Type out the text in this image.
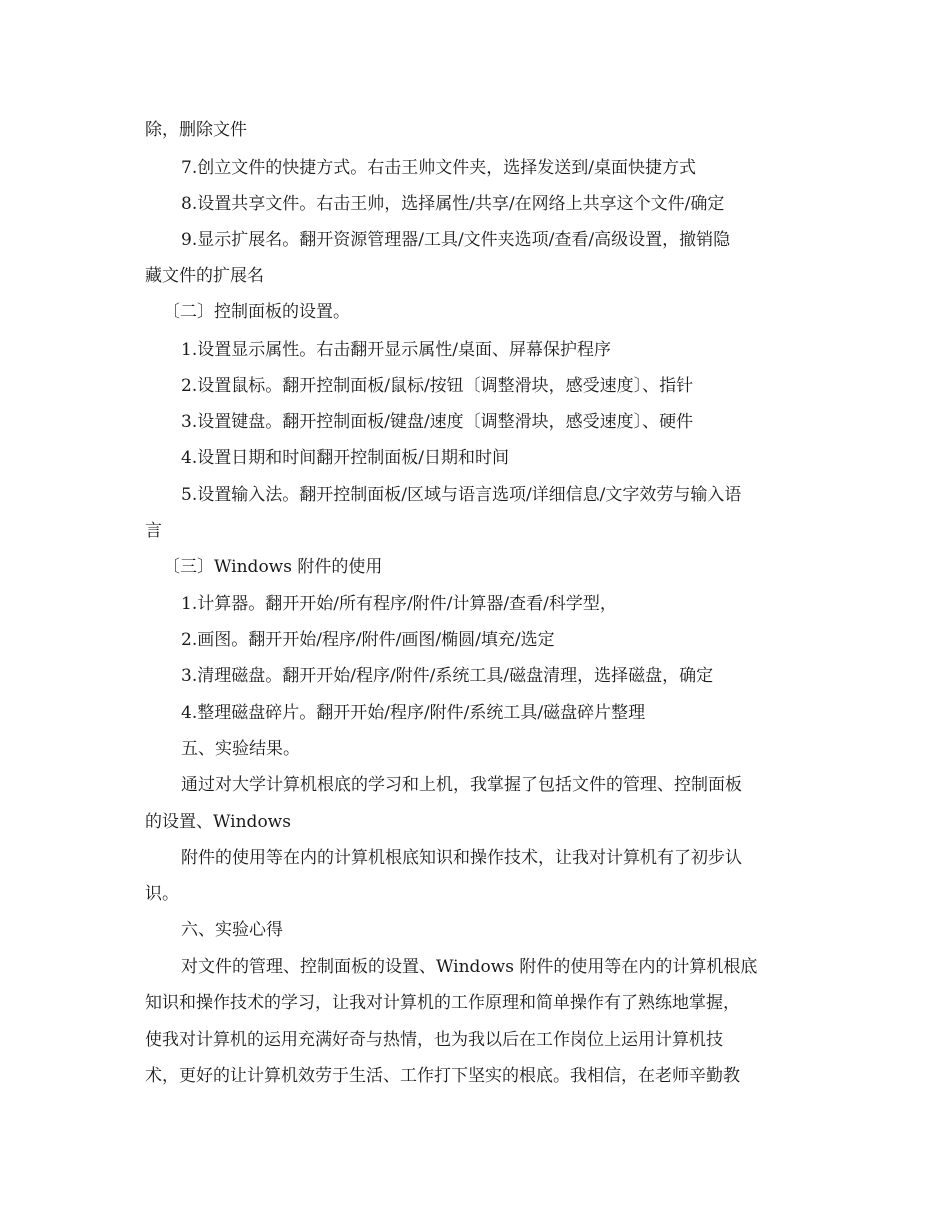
除，删除文件
7.创立文件的快捷方式。右击王帅文件夹，选择发送到/桌面快捷方式
8.设置共享文件。右击王帅，选择属性/共享/在网络上共享这个文件/确定
9.显示扩展名。翻开资源管理器/工具/文件夹选项/查看/高级设置，撤销隐
藏文件的扩展名
〔二〕控制面板的设置。
1.设置显示属性。右击翻开显示属性/桌面、屏幕保护程序
2.设置鼠标。翻开控制面板/鼠标/按钮〔调整滑块，感受速度〕、指针
3.设置键盘。翻开控制面板/键盘/速度〔调整滑块，感受速度〕、硬件
4.设置日期和时间翻开控制面板/日期和时间
5.设置输入法。翻开控制面板/区域与语言选项/详细信息/文字效劳与输入语
言
〔三〕Windows 附件的使用
1.计算器。翻开开始/所有程序/附件/计算器/查看/科学型，
2.画图。翻开开始/程序/附件/画图/椭圆/填充/选定
3.清理磁盘。翻开开始/程序/附件/系统工具/磁盘清理，选择磁盘，确定
4.整理磁盘碎片。翻开开始/程序/附件/系统工具/磁盘碎片整理
五、实验结果。
通过对大学计算机根底的学习和上机，我掌握了包括文件的管理、控制面板
的设置、Windows
附件的使用等在内的计算机根底知识和操作技术，让我对计算机有了初步认
识。
六、实验心得
对文件的管理、控制面板的设置、Windows 附件的使用等在内的计算机根底
知识和操作技术的学习，让我对计算机的工作原理和简单操作有了熟练地掌握，
使我对计算机的运用充满好奇与热情，也为我以后在工作岗位上运用计算机技
术，更好的让计算机效劳于生活、工作打下坚实的根底。我相信，在老师辛勤教
